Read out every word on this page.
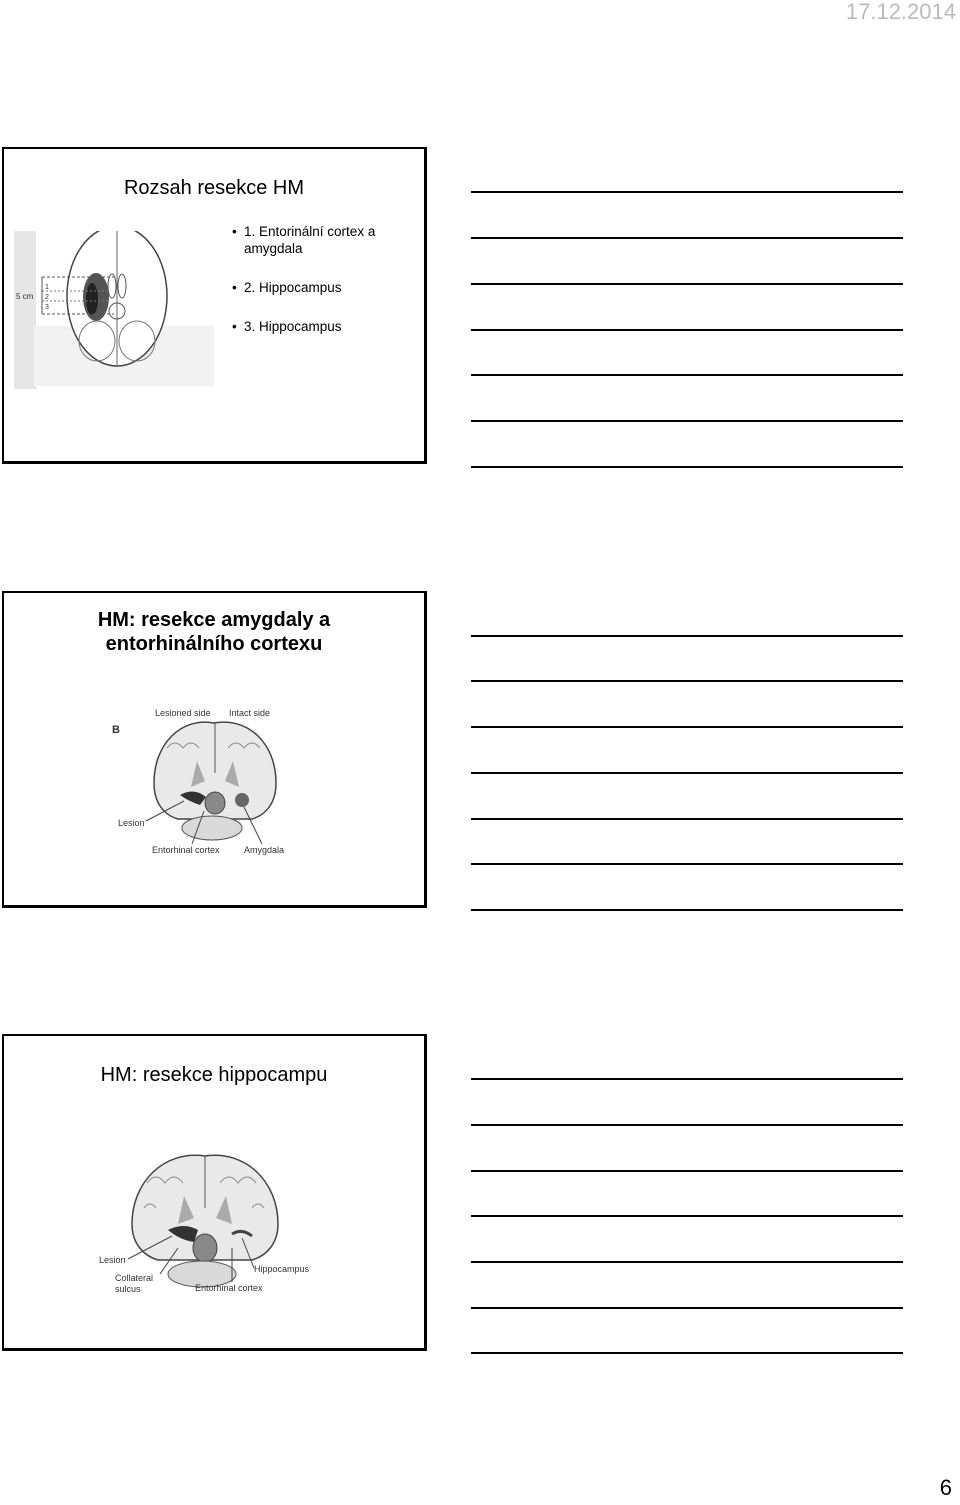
17.12.2014
Rozsah resekce HM
5 cm
1
2
3
• 1. Entorinální cortex a amygdala
• 2. Hippocampus
• 3. Hippocampus
HM: resekce amygdaly a
entorhinálního cortexu
B
Lesioned side Intact side
Lesion
Entorhinal cortex	Amygdala
HM: resekce hippocampu
Lesion
Collateral
sulcus
Hippocampus
Entorhinal cortex
6
